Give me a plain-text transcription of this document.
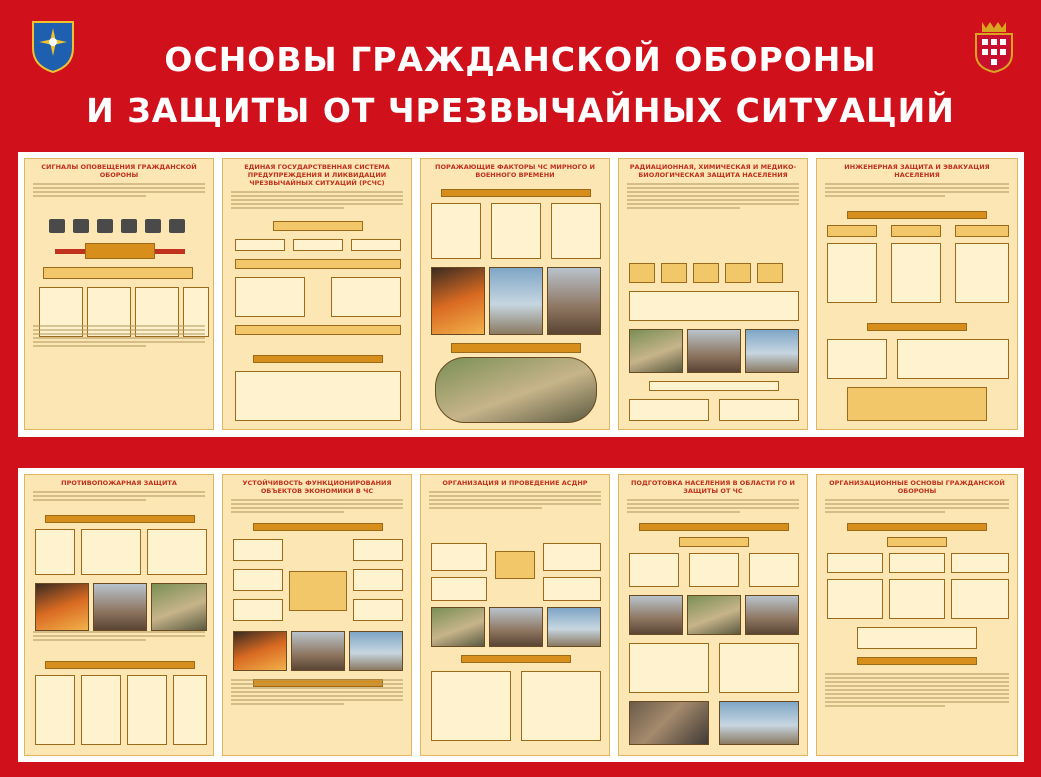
ОСНОВЫ ГРАЖДАНСКОЙ ОБОРОНЫ
И ЗАЩИТЫ ОТ ЧРЕЗВЫЧАЙНЫХ СИТУАЦИЙ
СИГНАЛЫ ОПОВЕЩЕНИЯ ГРАЖДАНСКОЙ ОБОРОНЫ
ЕДИНАЯ ГОСУДАРСТВЕННАЯ СИСТЕМА ПРЕДУПРЕЖДЕНИЯ И ЛИКВИДАЦИИ ЧРЕЗВЫЧАЙНЫХ СИТУАЦИЙ (РСЧС)
ПОРАЖАЮЩИЕ ФАКТОРЫ ЧС МИРНОГО И ВОЕННОГО ВРЕМЕНИ
РАДИАЦИОННАЯ, ХИМИЧЕСКАЯ И МЕДИКО-БИОЛОГИЧЕСКАЯ ЗАЩИТА НАСЕЛЕНИЯ
ИНЖЕНЕРНАЯ ЗАЩИТА И ЭВАКУАЦИЯ НАСЕЛЕНИЯ
ПРОТИВОПОЖАРНАЯ ЗАЩИТА	УСТОЙЧИВОСТЬ ФУНКЦИОНИРОВАНИЯ ОБЪЕКТОВ ЭКОНОМИКИ В ЧС
ОРГАНИЗАЦИЯ И ПРОВЕДЕНИЕ АСДНР	ПОДГОТОВКА НАСЕЛЕНИЯ В ОБЛАСТИ ГО И ЗАЩИТЫ ОТ ЧС
ОРГАНИЗАЦИОННЫЕ ОСНОВЫ ГРАЖДАНСКОЙ ОБОРОНЫ
